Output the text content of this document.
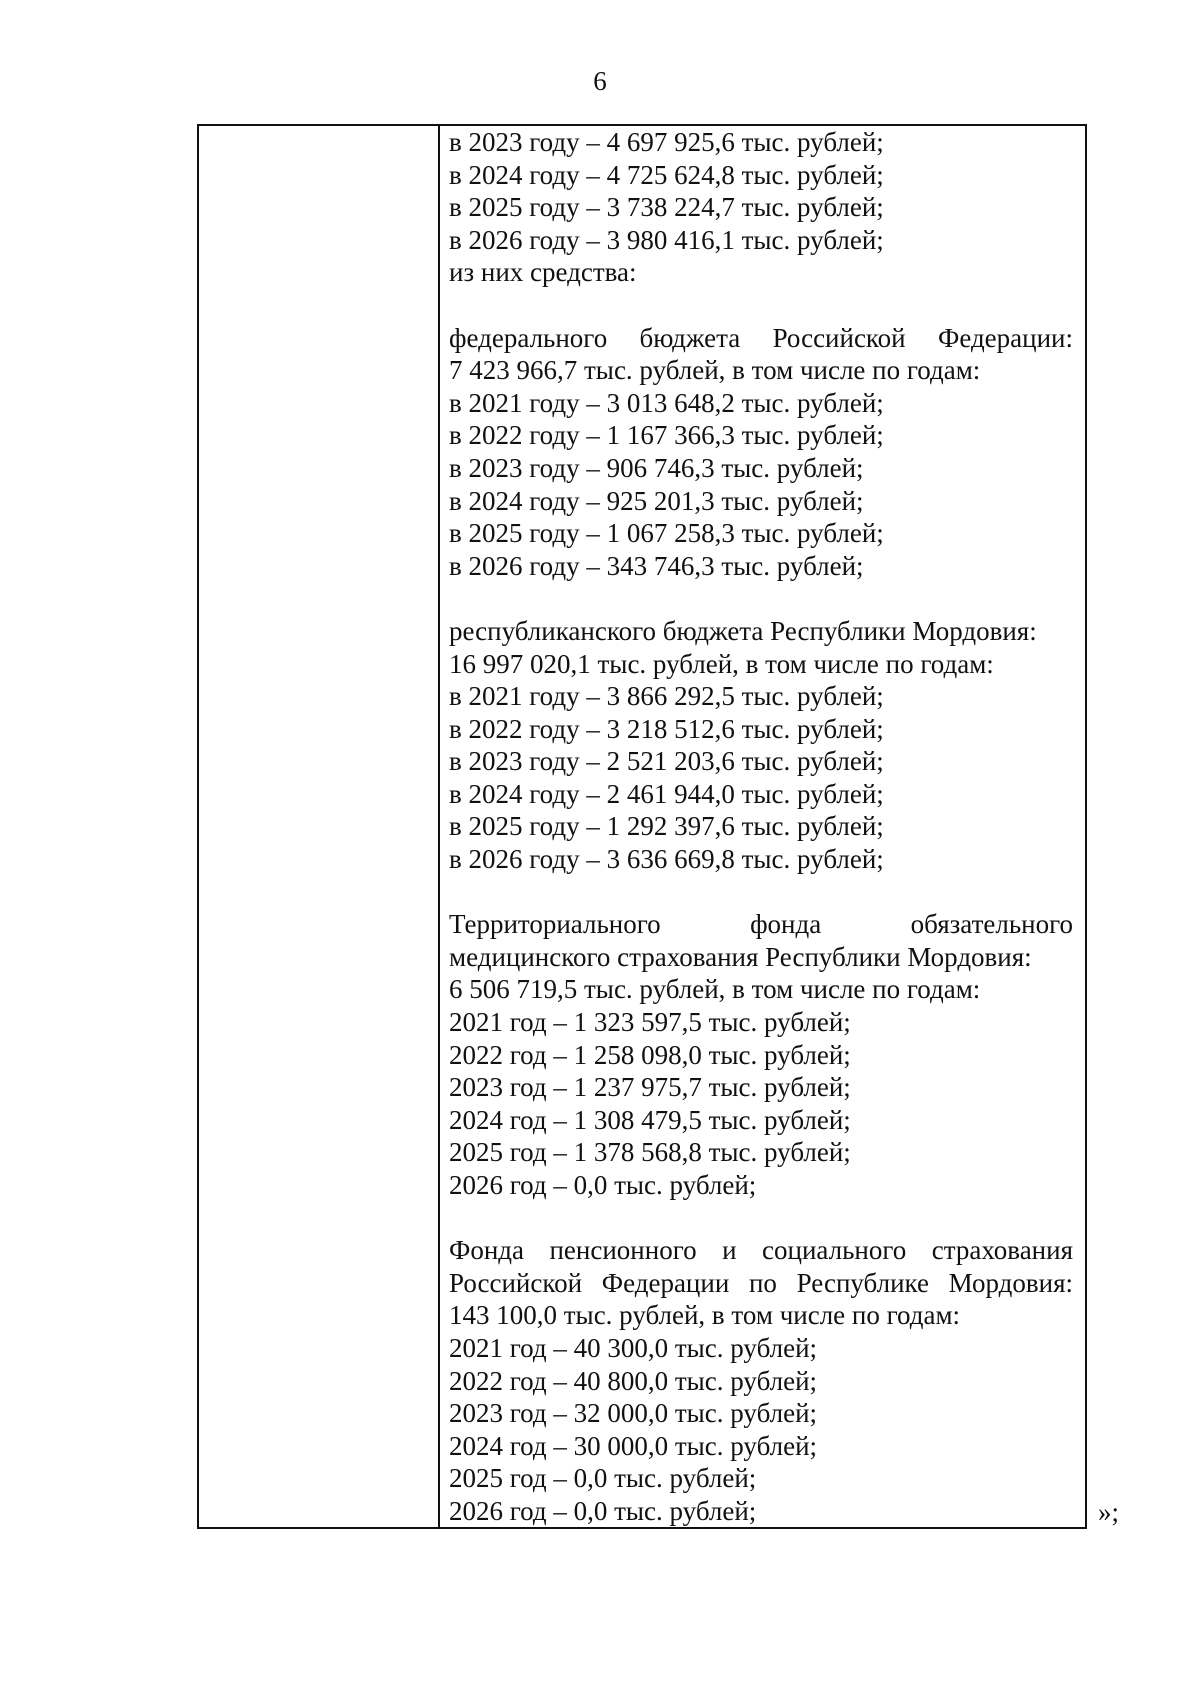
6
в 2023 году – 4 697 925,6 тыс. рублей;
в 2024 году – 4 725 624,8 тыс. рублей;
в 2025 году – 3 738 224,7 тыс. рублей;
в 2026 году – 3 980 416,1 тыс. рублей;
из них средства:
федерального бюджета Российской Федерации:
7 423 966,7 тыс. рублей, в том числе по годам:
в 2021 году – 3 013 648,2 тыс. рублей;
в 2022 году – 1 167 366,3 тыс. рублей;
в 2023 году – 906 746,3 тыс. рублей;
в 2024 году – 925 201,3 тыс. рублей;
в 2025 году – 1 067 258,3 тыс. рублей;
в 2026 году – 343 746,3 тыс. рублей;
республиканского бюджета Республики Мордовия:
16 997 020,1 тыс. рублей, в том числе по годам:
в 2021 году – 3 866 292,5 тыс. рублей;
в 2022 году – 3 218 512,6 тыс. рублей;
в 2023 году – 2 521 203,6 тыс. рублей;
в 2024 году – 2 461 944,0 тыс. рублей;
в 2025 году – 1 292 397,6 тыс. рублей;
в 2026 году – 3 636 669,8 тыс. рублей;
Территориального фонда обязательного
медицинского страхования Республики Мордовия:
6 506 719,5 тыс. рублей, в том числе по годам:
2021 год – 1 323 597,5 тыс. рублей;
2022 год – 1 258 098,0 тыс. рублей;
2023 год – 1 237 975,7 тыс. рублей;
2024 год – 1 308 479,5 тыс. рублей;
2025 год – 1 378 568,8 тыс. рублей;
2026 год – 0,0 тыс. рублей;
Фонда пенсионного и социального страхования
Российской Федерации по Республике Мордовия:
143 100,0 тыс. рублей, в том числе по годам:
2021 год – 40 300,0 тыс. рублей;
2022 год – 40 800,0 тыс. рублей;
2023 год – 32 000,0 тыс. рублей;
2024 год – 30 000,0 тыс. рублей;
2025 год – 0,0 тыс. рублей;
2026 год – 0,0 тыс. рублей;	»;
